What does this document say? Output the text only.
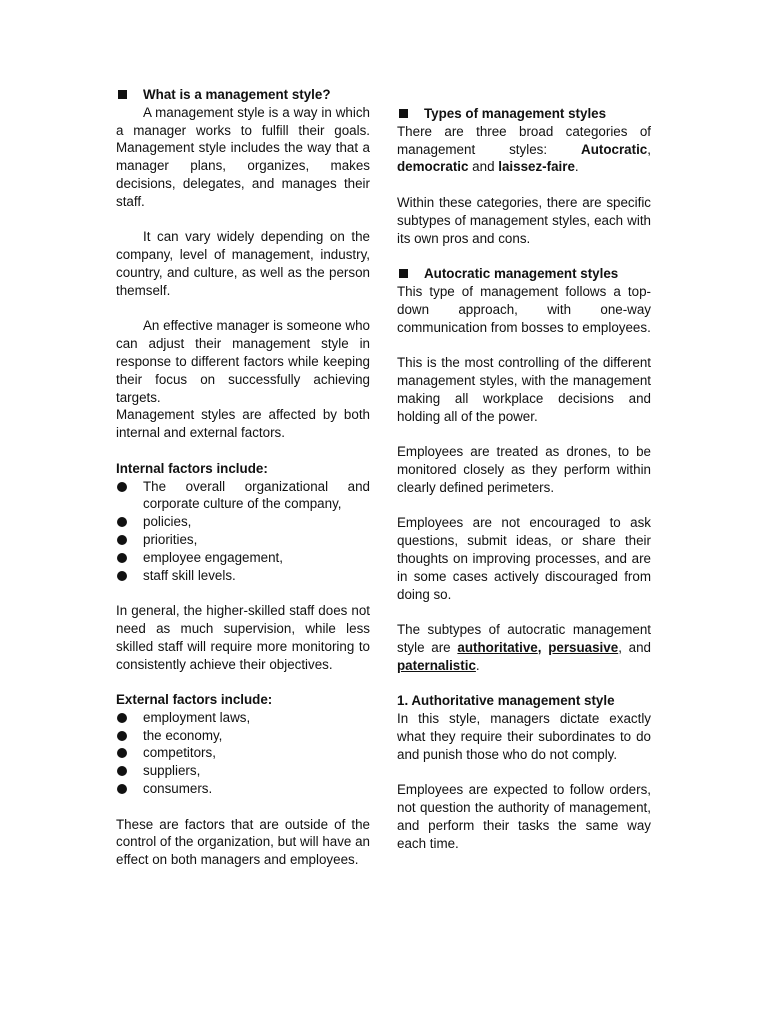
What is a management style?

A management style is a way in which a manager works to fulfill their goals. Management style includes the way that a manager plans, organizes, makes decisions, delegates, and manages their staff.

It can vary widely depending on the company, level of management, industry, country, and culture, as well as the person themself.

An effective manager is someone who can adjust their management style in response to different factors while keeping their focus on successfully achieving targets.

Management styles are affected by both internal and external factors.

Internal factors include:

The overall organizational and corporate culture of the company,
policies,
priorities,
employee engagement,
staff skill levels.

In general, the higher-skilled staff does not need as much supervision, while less skilled staff will require more monitoring to consistently achieve their objectives.

External factors include:

employment laws,
the economy,
competitors,
suppliers,
consumers.

These are factors that are outside of the control of the organization, but will have an effect on both managers and employees.

Types of management styles

There are three broad categories of management styles: Autocratic, democratic and laissez-faire.

Within these categories, there are specific subtypes of management styles, each with its own pros and cons.

Autocratic management styles

This type of management follows a top-down approach, with one-way communication from bosses to employees.

This is the most controlling of the different management styles, with the management making all workplace decisions and holding all of the power.

Employees are treated as drones, to be monitored closely as they perform within clearly defined perimeters.

Employees are not encouraged to ask questions, submit ideas, or share their thoughts on improving processes, and are in some cases actively discouraged from doing so.

The subtypes of autocratic management style are authoritative, persuasive, and paternalistic.

1. Authoritative management style

In this style, managers dictate exactly what they require their subordinates to do and punish those who do not comply.

Employees are expected to follow orders, not question the authority of management, and perform their tasks the same way each time.
